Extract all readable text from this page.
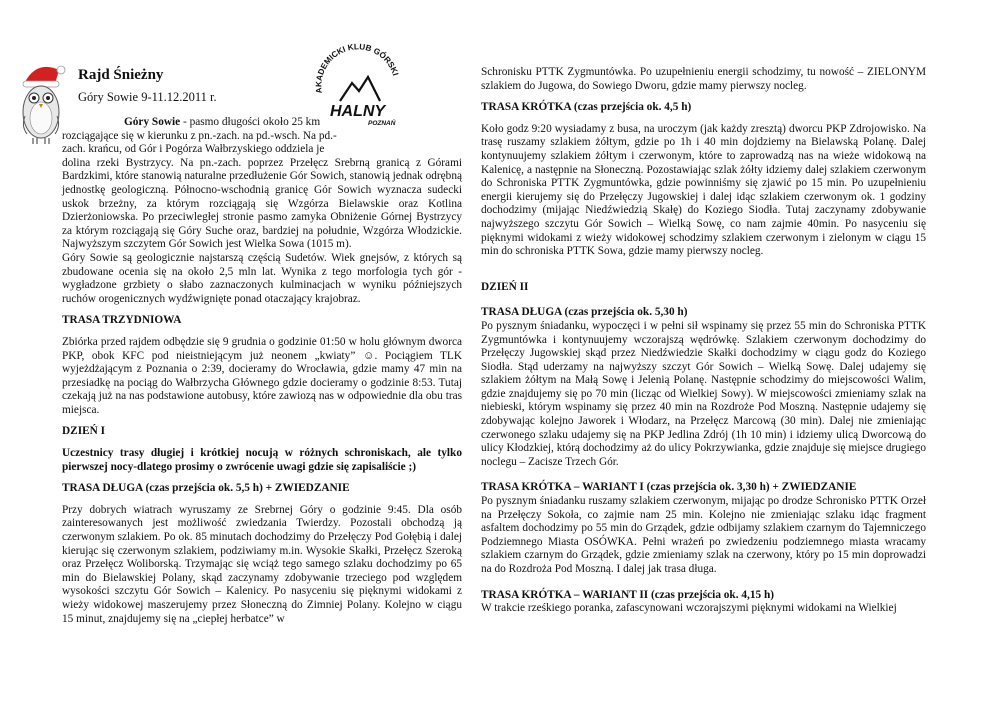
Rajd Śnieżny
Góry Sowie 9-11.12.2011 r.	AKADEMICKI KLUB GÓRSKI
HALNY
POZNAŃ

Góry Sowie - pasmo długości około 25 km

rozciągające się w kierunku z pn.-zach. na pd.-wsch. Na pd.-

zach. krańcu, od Gór i Pogórza Wałbrzyskiego oddziela je

dolina rzeki Bystrzycy. Na pn.-zach. poprzez Przełęcz Srebrną granicą z Górami Bardzkimi, które stanowią naturalne przedłużenie Gór Sowich, stanowią jednak odrębną jednostkę geologiczną. Północno-wschodnią granicę Gór Sowich wyznacza sudecki uskok brzeżny, za którym rozciągają się Wzgórza Bielawskie oraz Kotlina Dzierżoniowska. Po przeciwległej stronie pasmo zamyka Obniżenie Górnej Bystrzycy za którym rozciągają się Góry Suche oraz, bardziej na południe, Wzgórza Włodzickie. Najwyższym szczytem Gór Sowich jest Wielka Sowa (1015 m).

Góry Sowie są geologicznie najstarszą częścią Sudetów. Wiek gnejsów, z których są zbudowane ocenia się na około 2,5 mln lat. Wynika z tego morfologia tych gór - wygładzone grzbiety o słabo zaznaczonych kulminacjach w wyniku późniejszych ruchów orogenicznych wydźwignięte ponad otaczający krajobraz.

TRASA TRZYDNIOWA

Zbiórka przed rajdem odbędzie się 9 grudnia o godzinie 01:50 w holu głównym dworca PKP, obok KFC pod nieistniejącym już neonem „kwiaty” ☺. Pociągiem TLK wyjeżdżającym z Poznania o 2:39, docieramy do Wrocławia, gdzie mamy 47 min na przesiadkę na pociąg do Wałbrzycha Głównego gdzie docieramy o godzinie 8:53. Tutaj czekają już na nas podstawione autobusy, które zawiozą nas w odpowiednie dla obu tras miejsca.

DZIEŃ I

Uczestnicy trasy długiej i krótkiej nocują w różnych schroniskach, ale tylko pierwszej nocy-dlatego prosimy o zwrócenie uwagi gdzie się zapisaliście ;)

TRASA DŁUGA (czas przejścia ok. 5,5 h) + ZWIEDZANIE

Przy dobrych wiatrach wyruszamy ze Srebrnej Góry o godzinie 9:45. Dla osób zainteresowanych jest możliwość zwiedzania Twierdzy. Pozostali obchodzą ją czerwonym szlakiem. Po ok. 85 minutach dochodzimy do Przełęczy Pod Gołębią i dalej kierując się czerwonym szlakiem, podziwiamy m.in. Wysokie Skałki, Przełęcz Szeroką oraz Przełęcz Woliborską. Trzymając się wciąż tego samego szlaku dochodzimy po 65 min do Bielawskiej Polany, skąd zaczynamy zdobywanie trzeciego pod względem wysokości szczytu Gór Sowich – Kalenicy. Po nasyceniu się pięknymi widokami z wieży widokowej maszerujemy przez Słoneczną do Zimniej Polany. Kolejno w ciągu 15 minut, znajdujemy się na „ciepłej herbatce” w

Schronisku PTTK Zygmuntówka. Po uzupełnieniu energii schodzimy, tu nowość – ZIELONYM szlakiem do Jugowa, do Sowiego Dworu, gdzie mamy pierwszy nocleg.

TRASA KRÓTKA (czas przejścia ok. 4,5 h)

Koło godz 9:20 wysiadamy z busa, na uroczym (jak każdy zresztą) dworcu PKP Zdrojowisko. Na trasę ruszamy szlakiem żółtym, gdzie po 1h i 40 min dojdziemy na Bielawską Polanę. Dalej kontynuujemy szlakiem żółtym i czerwonym, które to zaprowadzą nas na wieże widokową na Kalenicę, a następnie na Słoneczną. Pozostawiając szlak żółty idziemy dalej szlakiem czerwonym do Schroniska PTTK Zygmuntówka, gdzie powinniśmy się zjawić po 15 min. Po uzupełnieniu energii kierujemy się do Przełęczy Jugowskiej i dalej idąc szlakiem czerwonym ok. 1 godziny dochodzimy (mijając Niedźwiedzią Skałę) do Koziego Siodła. Tutaj zaczynamy zdobywanie najwyższego szczytu Gór Sowich – Wielką Sowę, co nam zajmie 40min. Po nasyceniu się pięknymi widokami z wieży widokowej schodzimy szlakiem czerwonym i zielonym w ciągu 15 min do schroniska PTTK Sowa, gdzie mamy pierwszy nocleg.

DZIEŃ II

TRASA DŁUGA (czas przejścia ok. 5,30 h)

Po pysznym śniadanku, wypoczęci i w pełni sił wspinamy się przez 55 min do Schroniska PTTK Zygmuntówka i kontynuujemy wczorajszą wędrówkę. Szlakiem czerwonym dochodzimy do Przełęczy Jugowskiej skąd przez Niedźwiedzie Skałki dochodzimy w ciągu godz do Koziego Siodła. Stąd uderzamy na najwyższy szczyt Gór Sowich – Wielką Sowę. Dalej udajemy się szlakiem żółtym na Małą Sowę i Jelenią Polanę. Następnie schodzimy do miejscowości Walim, gdzie znajdujemy się po 70 min (licząc od Wielkiej Sowy). W miejscowości zmieniamy szlak na niebieski, którym wspinamy się przez 40 min na Rozdroże Pod Moszną. Następnie udajemy się zdobywając kolejno Jaworek i Włodarz, na Przełęcz Marcową (30 min). Dalej nie zmieniając czerwonego szlaku udajemy się na PKP Jedlina Zdrój (1h 10 min) i idziemy ulicą Dworcową do ulicy Kłodzkiej, którą dochodzimy aż do ulicy Pokrzywianka, gdzie znajduje się miejsce drugiego noclegu – Zacisze Trzech Gór.

TRASA KRÓTKA – WARIANT I (czas przejścia ok. 3,30 h) + ZWIEDZANIE

Po pysznym śniadanku ruszamy szlakiem czerwonym, mijając po drodze Schronisko PTTK Orzeł na Przełęczy Sokoła, co zajmie nam 25 min. Kolejno nie zmieniając szlaku idąc fragment asfaltem dochodzimy po 55 min do Grządek, gdzie odbijamy szlakiem czarnym do Tajemniczego Podziemnego Miasta OSÓWKA. Pełni wrażeń po zwiedzeniu podziemnego miasta wracamy szlakiem czarnym do Grządek, gdzie zmieniamy szlak na czerwony, który po 15 min doprowadzi na do Rozdroża Pod Moszną. I dalej jak trasa długa.

TRASA KRÓTKA – WARIANT II (czas przejścia ok. 4,15 h)

W trakcie rześkiego poranka, zafascynowani wczorajszymi pięknymi widokami na Wielkiej
